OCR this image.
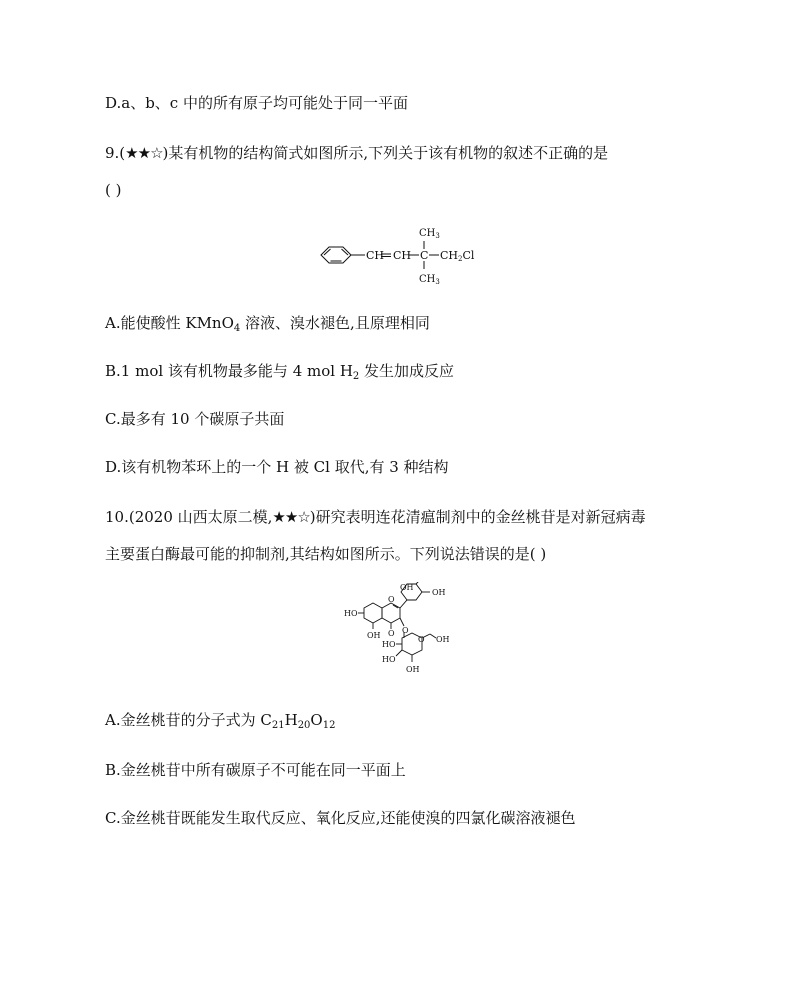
D.a、b、c 中的所有原子均可能处于同一平面
9.(★★☆)某有机物的结构简式如图所示,下列关于该有机物的叙述不正确的是
( )
CH CH C
$CH_3$
CH2Cl
$CH_3$
A.能使酸性 KMnO$_4$ 溶液、溴水褪色,且原理相同
B.1 mol 该有机物最多能与 4 mol $H_2$ 发生加成反应
C.最多有 10 个碳原子共面
D.该有机物苯环上的一个 H 被 Cl 取代,有 3 种结构
10.(2020 山西太原二模,★★☆)研究表明连花清瘟制剂中的金丝桃苷是对新冠病毒
主要蛋白酶最可能的抑制剂,其结构如图所示。下列说法错误的是( )
OH
OH
HO
O
O
OH O
O
HO
OH
HO
OH
A.金丝桃苷的分子式为 $C_{21}H_{20}O_{12}$
B.金丝桃苷中所有碳原子不可能在同一平面上
C.金丝桃苷既能发生取代反应、氧化反应,还能使溴的四氯化碳溶液褪色
